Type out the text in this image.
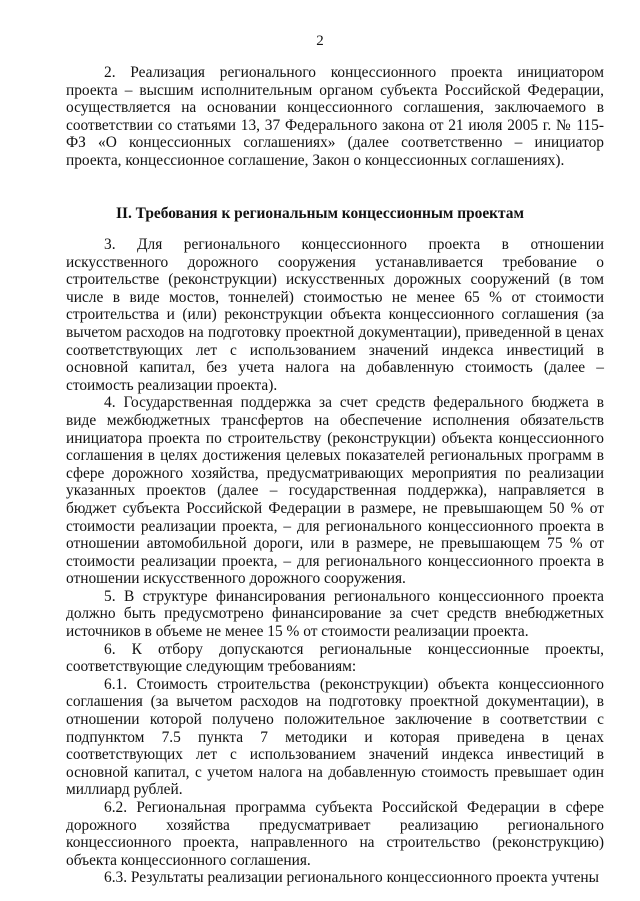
2

2. Реализация регионального концессионного проекта инициатором проекта – высшим исполнительным органом субъекта Российской Федерации, осуществляется на основании концессионного соглашения, заключаемого в соответствии со статьями 13, 37 Федерального закона от 21 июля 2005 г. № 115-ФЗ «О концессионных соглашениях» (далее соответственно – инициатор проекта, концессионное соглашение, Закон о концессионных соглашениях).

II. Требования к региональным концессионным проектам

3. Для регионального концессионного проекта в отношении искусственного дорожного сооружения устанавливается требование о строительстве (реконструкции) искусственных дорожных сооружений (в том числе в виде мостов, тоннелей) стоимостью не менее 65 % от стоимости строительства и (или) реконструкции объекта концессионного соглашения (за вычетом расходов на подготовку проектной документации), приведенной в ценах соответствующих лет с использованием значений индекса инвестиций в основной капитал, без учета налога на добавленную стоимость (далее – стоимость реализации проекта).

4. Государственная поддержка за счет средств федерального бюджета в виде межбюджетных трансфертов на обеспечение исполнения обязательств инициатора проекта по строительству (реконструкции) объекта концессионного соглашения в целях достижения целевых показателей региональных программ в сфере дорожного хозяйства, предусматривающих мероприятия по реализации указанных проектов (далее – государственная поддержка), направляется в бюджет субъекта Российской Федерации в размере, не превышающем 50 % от стоимости реализации проекта, – для регионального концессионного проекта в отношении автомобильной дороги, или в размере, не превышающем 75 % от стоимости реализации проекта, – для регионального концессионного проекта в отношении искусственного дорожного сооружения.

5. В структуре финансирования регионального концессионного проекта должно быть предусмотрено финансирование за счет средств внебюджетных источников в объеме не менее 15 % от стоимости реализации проекта.

6. К отбору допускаются региональные концессионные проекты, соответствующие следующим требованиям:

6.1. Стоимость строительства (реконструкции) объекта концессионного соглашения (за вычетом расходов на подготовку проектной документации), в отношении которой получено положительное заключение в соответствии с подпунктом 7.5 пункта 7 методики и которая приведена в ценах соответствующих лет с использованием значений индекса инвестиций в основной капитал, с учетом налога на добавленную стоимость превышает один миллиард рублей.

6.2. Региональная программа субъекта Российской Федерации в сфере дорожного хозяйства предусматривает реализацию регионального концессионного проекта, направленного на строительство (реконструкцию) объекта концессионного соглашения.

6.3. Результаты реализации регионального концессионного проекта учтены
